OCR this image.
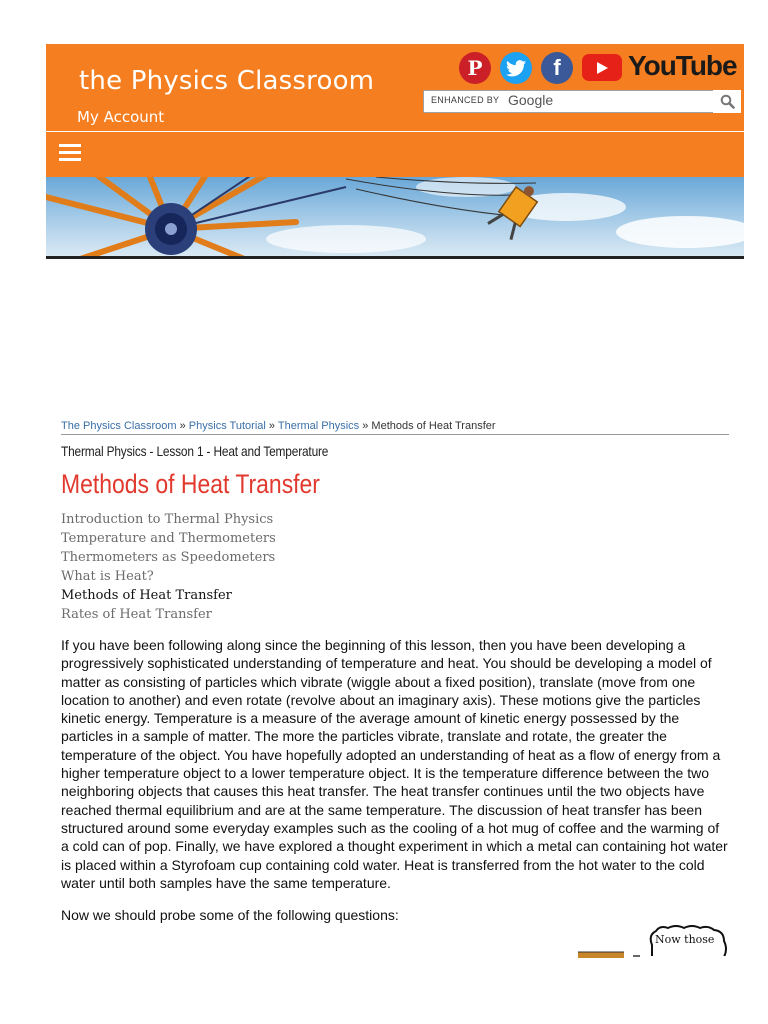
the Physics Classroom
My Account
P	f	YouTube
ENHANCED BY Google
The Physics Classroom » Physics Tutorial » Thermal Physics » Methods of Heat Transfer
Thermal Physics - Lesson 1 - Heat and Temperature
Methods of Heat Transfer
Introduction to Thermal Physics
Temperature and Thermometers
Thermometers as Speedometers
What is Heat?
Methods of Heat Transfer
Rates of Heat Transfer
If you have been following along since the beginning of this lesson, then you have been developing a progressively sophisticated understanding of temperature and heat. You should be developing a model of matter as consisting of particles which vibrate (wiggle about a fixed position), translate (move from one location to another) and even rotate (revolve about an imaginary axis). These motions give the particles kinetic energy. Temperature is a measure of the average amount of kinetic energy possessed by the particles in a sample of matter. The more the particles vibrate, translate and rotate, the greater the temperature of the object. You have hopefully adopted an understanding of heat as a flow of energy from a higher temperature object to a lower temperature object. It is the temperature difference between the two neighboring objects that causes this heat transfer. The heat transfer continues until the two objects have reached thermal equilibrium and are at the same temperature. The discussion of heat transfer has been structured around some everyday examples such as the cooling of a hot mug of coffee and the warming of a cold can of pop. Finally, we have explored a thought experiment in which a metal can containing hot water is placed within a Styrofoam cup containing cold water. Heat is transferred from the hot water to the cold water until both samples have the same temperature.
Now we should probe some of the following questions:
Now those
